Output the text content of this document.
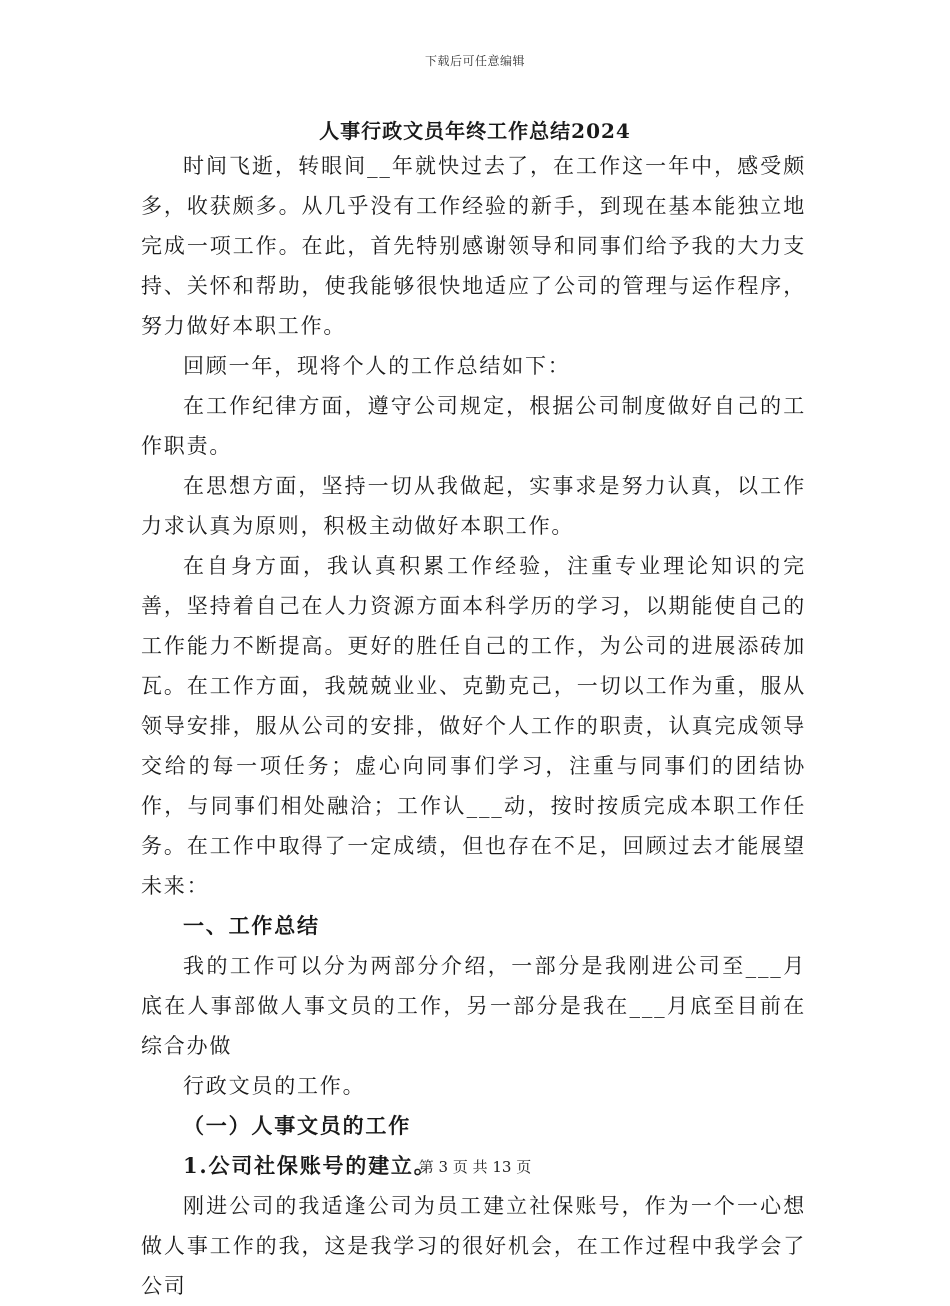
下载后可任意编辑
人事行政文员年终工作总结2024

时间飞逝，转眼间__年就快过去了，在工作这一年中，感受颇多，收获颇多。从几乎没有工作经验的新手，到现在基本能独立地完成一项工作。在此，首先特别感谢领导和同事们给予我的大力支持、关怀和帮助，使我能够很快地适应了公司的管理与运作程序，努力做好本职工作。

回顾一年，现将个人的工作总结如下：

在工作纪律方面，遵守公司规定，根据公司制度做好自己的工作职责。

在思想方面，坚持一切从我做起，实事求是努力认真，以工作力求认真为原则，积极主动做好本职工作。

在自身方面，我认真积累工作经验，注重专业理论知识的完善，坚持着自己在人力资源方面本科学历的学习，以期能使自己的工作能力不断提高。更好的胜任自己的工作，为公司的进展添砖加瓦。在工作方面，我兢兢业业、克勤克己，一切以工作为重，服从领导安排，服从公司的安排，做好个人工作的职责，认真完成领导交给的每一项任务；虚心向同事们学习，注重与同事们的团结协作，与同事们相处融洽；工作认___动，按时按质完成本职工作任务。在工作中取得了一定成绩，但也存在不足，回顾过去才能展望未来：

一、工作总结

我的工作可以分为两部分介绍，一部分是我刚进公司至___月底在人事部做人事文员的工作，另一部分是我在___月底至目前在综合办做

行政文员的工作。

（一）人事文员的工作

1.公司社保账号的建立。

刚进公司的我适逢公司为员工建立社保账号，作为一个一心想做人事工作的我，这是我学习的很好机会，在工作过程中我学会了公司

第 3 页 共 13 页
